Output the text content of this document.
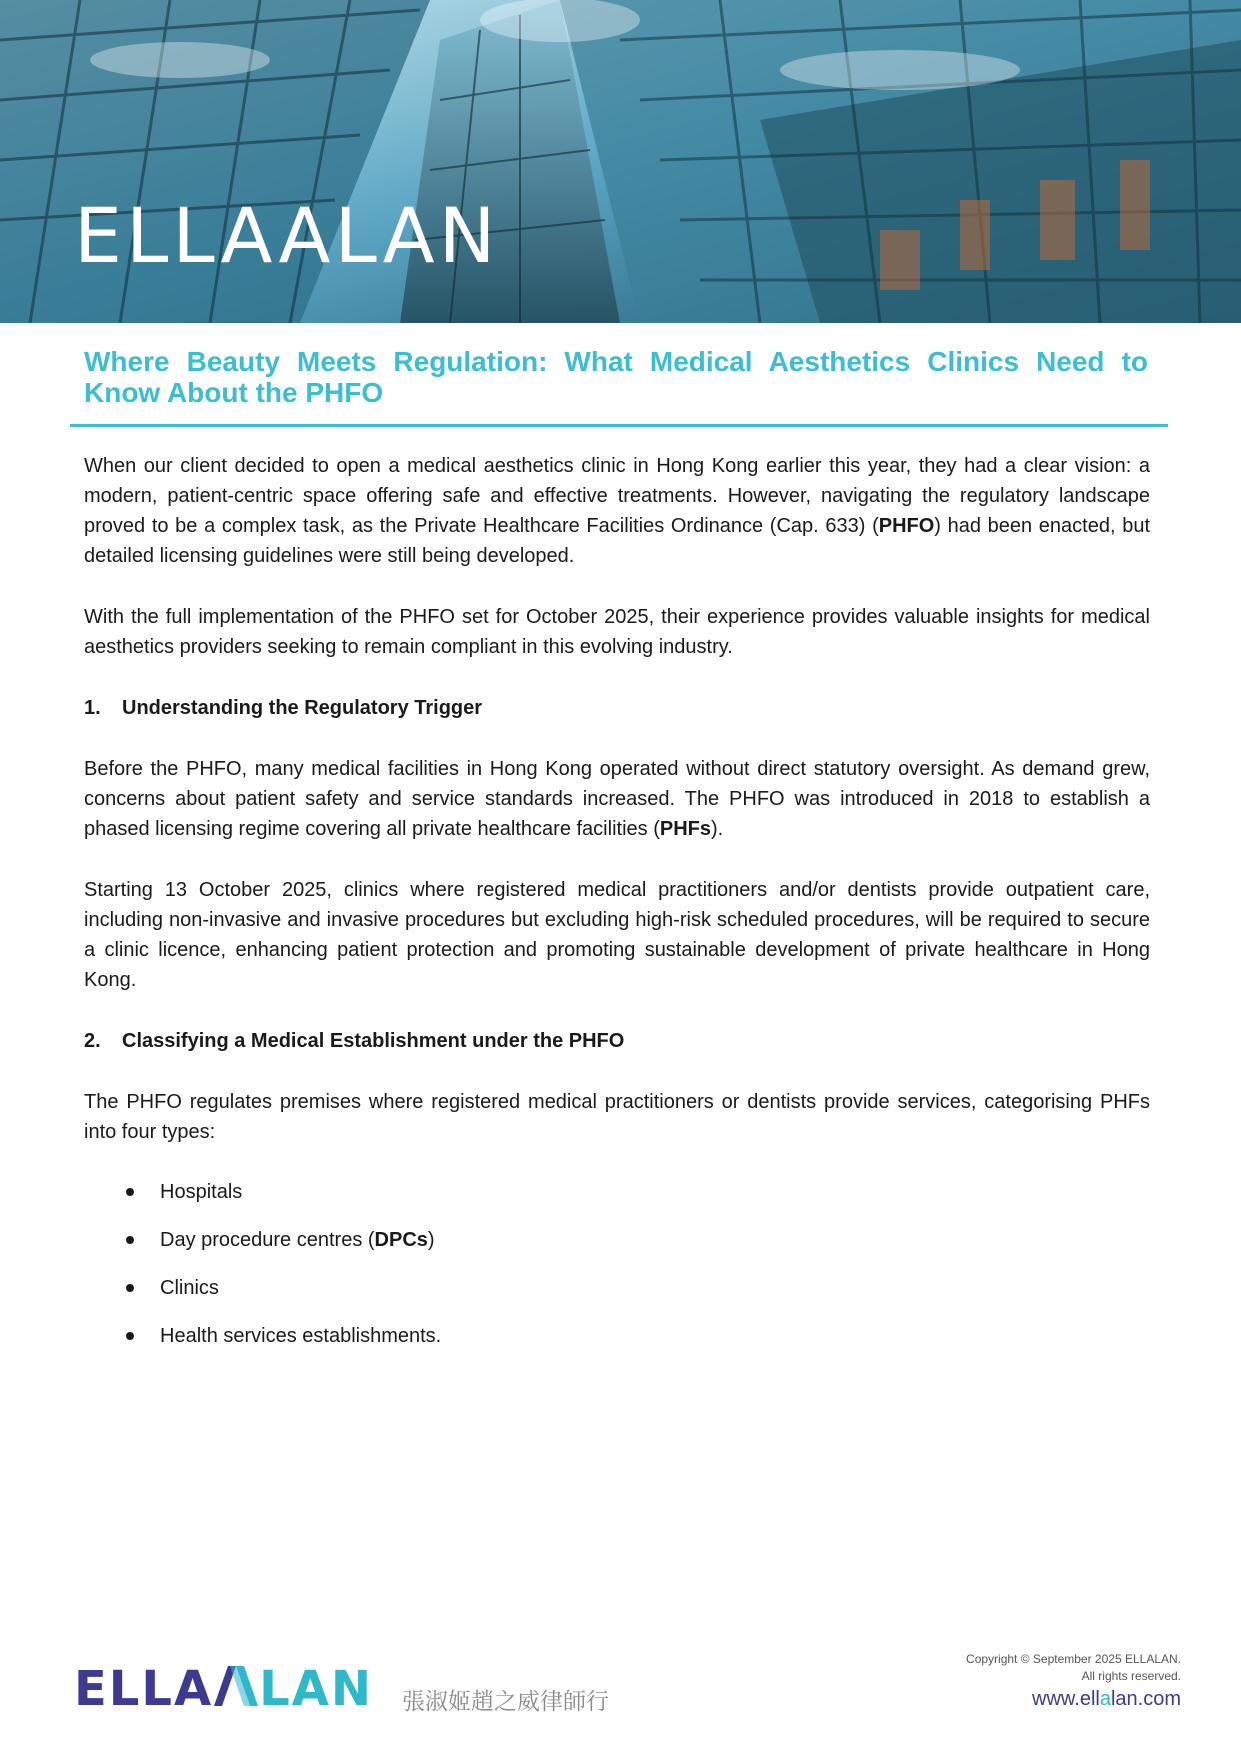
ELLAALAN
Where Beauty Meets Regulation: What Medical Aesthetics Clinics Need to Know About the PHFO

When our client decided to open a medical aesthetics clinic in Hong Kong earlier this year, they had a clear vision: a modern, patient-centric space offering safe and effective treatments. However, navigating the regulatory landscape proved to be a complex task, as the Private Healthcare Facilities Ordinance (Cap. 633) (PHFO) had been enacted, but detailed licensing guidelines were still being developed.

With the full implementation of the PHFO set for October 2025, their experience provides valuable insights for medical aesthetics providers seeking to remain compliant in this evolving industry.

1. Understanding the Regulatory Trigger

Before the PHFO, many medical facilities in Hong Kong operated without direct statutory oversight. As demand grew, concerns about patient safety and service standards increased. The PHFO was introduced in 2018 to establish a phased licensing regime covering all private healthcare facilities (PHFs).

Starting 13 October 2025, clinics where registered medical practitioners and/or dentists provide outpatient care, including non-invasive and invasive procedures but excluding high-risk scheduled procedures, will be required to secure a clinic licence, enhancing patient protection and promoting sustainable development of private healthcare in Hong Kong.

2. Classifying a Medical Establishment under the PHFO

The PHFO regulates premises where registered medical practitioners or dentists provide services, categorising PHFs into four types:

Hospitals
Day procedure centres (DPCs)
Clinics
Health services establishments.
ELLA LAN 張淑姬趙之威律師行
Copyright © September 2025 ELLALAN.
All rights reserved.
www.ellalan.com
